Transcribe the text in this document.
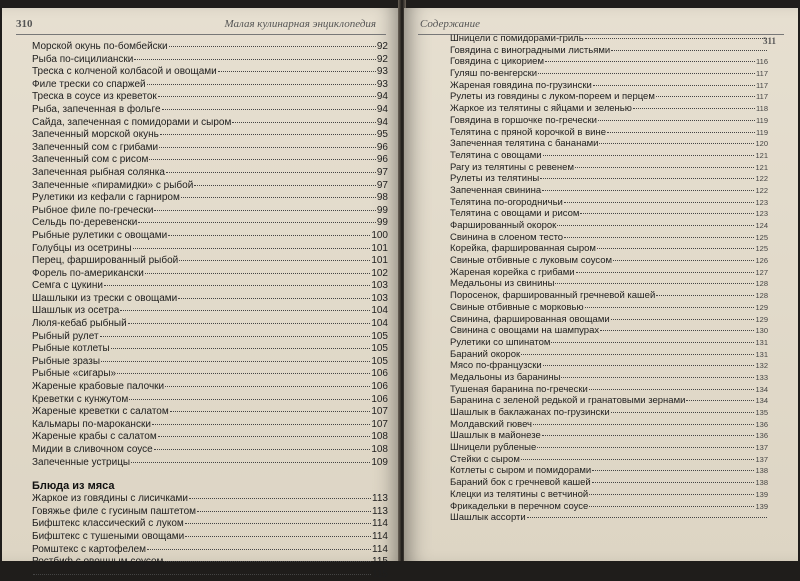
310	Малая кулинарная энциклопедия
Морской окунь по-бомбейски	92
Рыба по-сицилиански	92
Треска с колченой колбасой и овощами	93
Филе трески со спаржей	93
Треска в соусе из креветок	94
Рыба, запеченная в фольге	94
Сайда, запеченная с помидорами и сыром	94
Запеченный морской окунь	95
Запеченный сом с грибами	96
Запеченный сом с рисом	96
Запеченная рыбная солянка	97
Запеченные «пирамидки» с рыбой	97
Рулетики из кефали с гарниром	98
Рыбное филе по-гречески	99
Сельдь по-деревенски	99
Рыбные рулетики с овощами	100
Голубцы из осетрины	101
Перец, фаршированный рыбой	101
Форель по-американски	102
Семга с цукини	103
Шашлыки из трески с овощами	103
Шашлык из осетра	104
Люля-кебаб рыбный	104
Рыбный рулет	105
Рыбные котлеты	105
Рыбные зразы	105
Рыбные «сигары»	106
Жареные крабовые палочки	106
Креветки с кунжутом	106
Жареные креветки с салатом	107
Кальмары по-марокански	107
Жареные крабы с салатом	108
Мидии в сливочном соусе	108
Запеченные устрицы	109
Блюда из мяса
Жаркое из говядины с лисичками	113
Говяжье филе с гусиным паштетом	113
Бифштекс классический с луком	114
Бифштекс с тушеными овощами	114
Ромштекс с картофелем	114
Ростбиф с овощным соусом	115
115
Содержание
311
Шницели с помидорами-гриль
Говядина с виноградными листьями
Говядина с цикорием	116
Гуляш по-венгерски	117
Жареная говядина по-грузински	117
Рулеты из говядины с луком-пореем и перцем	117
Жаркое из телятины с яйцами и зеленью	118
Говядина в горшочке по-гречески	119
Телятина с пряной корочкой в вине	119
Запеченная телятина с бананами	120
Телятина с овощами	121
Рагу из телятины с ревенем	121
Рулеты из телятины	122
Запеченная свинина	122
Телятина по-огородничьи	123
Телятина с овощами и рисом	123
Фаршированный окорок	124
Свинина в слоеном тесто	125
Корейка, фаршированная сыром	125
Свиные отбивные с луковым соусом	126
Жареная корейка с грибами	127
Медальоны из свинины	128
Поросенок, фаршированный гречневой кашей	128
Свиные отбивные с морковью	129
Свинина, фаршированная овощами	129
Свинина с овощами на шампурах	130
Рулетики со шпинатом	131
Бараний окорок	131
Мясо по-французски	132
Медальоны из баранины	133
Тушеная баранина по-гречески	134
Баранина с зеленой редькой и гранатовыми зернами	134
Шашлык в баклажанах по-грузински	135
Молдавский гювеч	136
Шашлык в майонезе	136
Шницели рубленые	137
Стейки с сыром	137
Котлеты с сыром и помидорами	138
Бараний бок с гречневой кашей	138
Клецки из телятины с ветчиной	139
Фрикадельки в перечном соусе	139
Шашлык ассорти
